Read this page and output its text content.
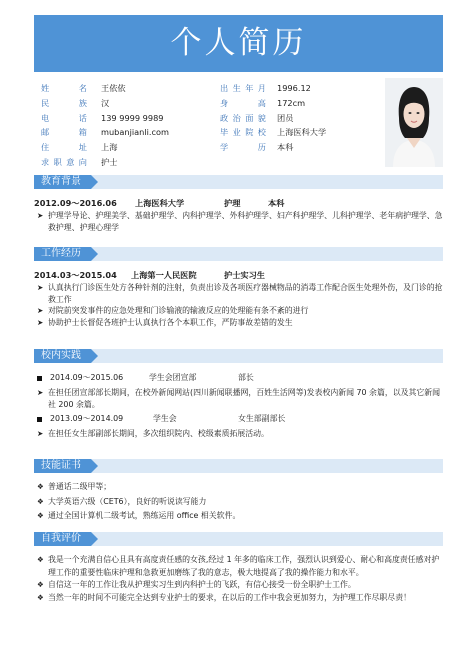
个人简历
姓名 王依依	出生年月 1996.12
民族 汉	身高 172cm
电话 139 9999 9989	政治面貌 团员
邮箱 mubanjianli.com	毕业院校 上海医科大学
住址 上海	学历 本科
求职意向 护士
教育背景
2012.09～2016.06 上海医科大学	护理	本科
➤ 护理学导论、护理美学、基础护理学、内科护理学、外科护理学、妇产科护理学、儿科护理学、老年病护理学、急救护理、护理心理学
工作经历
2014.03～2015.04 上海第一人民医院	护士实习生
➤ 认真执行门诊医生处方各种针剂的注射，负责出诊及各项医疗器械物品的消毒工作配合医生处理外伤，及门诊的抢救工作
➤ 对院前突发事件的应急处理和门诊输液的输液反应的处理能有条不紊的进行
➤ 协助护士长督促各班护士认真执行各个本职工作，严防事故差错的发生
校内实践
2014.09～2015.06	学生会团宣部	部长
➤ 在担任团宣部部长期间，在校外新闻网站(四川新闻联播网，百姓生活网等)发表校内新闻 70 余篇，以及其它新闻社 200 余篇。
2013.09～2014.09	学生会	女生部副部长
➤ 在担任女生部副部长期间，多次组织院内、校级素质拓展活动。
技能证书
❖ 普通话二级甲等；
❖ 大学英语六级（CET6），良好的听说读写能力
❖ 通过全国计算机二级考试，熟练运用 office 相关软件。
自我评价
❖ 我是一个充满自信心且具有高度责任感的女孩,经过 1 年多的临床工作，强烈认识到爱心、耐心和高度责任感对护理工作的重要性临床护理和急救更加磨练了我的意志，极大地提高了我的操作能力和水平。
❖ 自信这一年的工作让我从护理实习生到内科护士的飞跃，有信心接受一份全职护士工作。
❖ 当然一年的时间不可能完全达到专业护士的要求，在以后的工作中我会更加努力，为护理工作尽职尽责！
